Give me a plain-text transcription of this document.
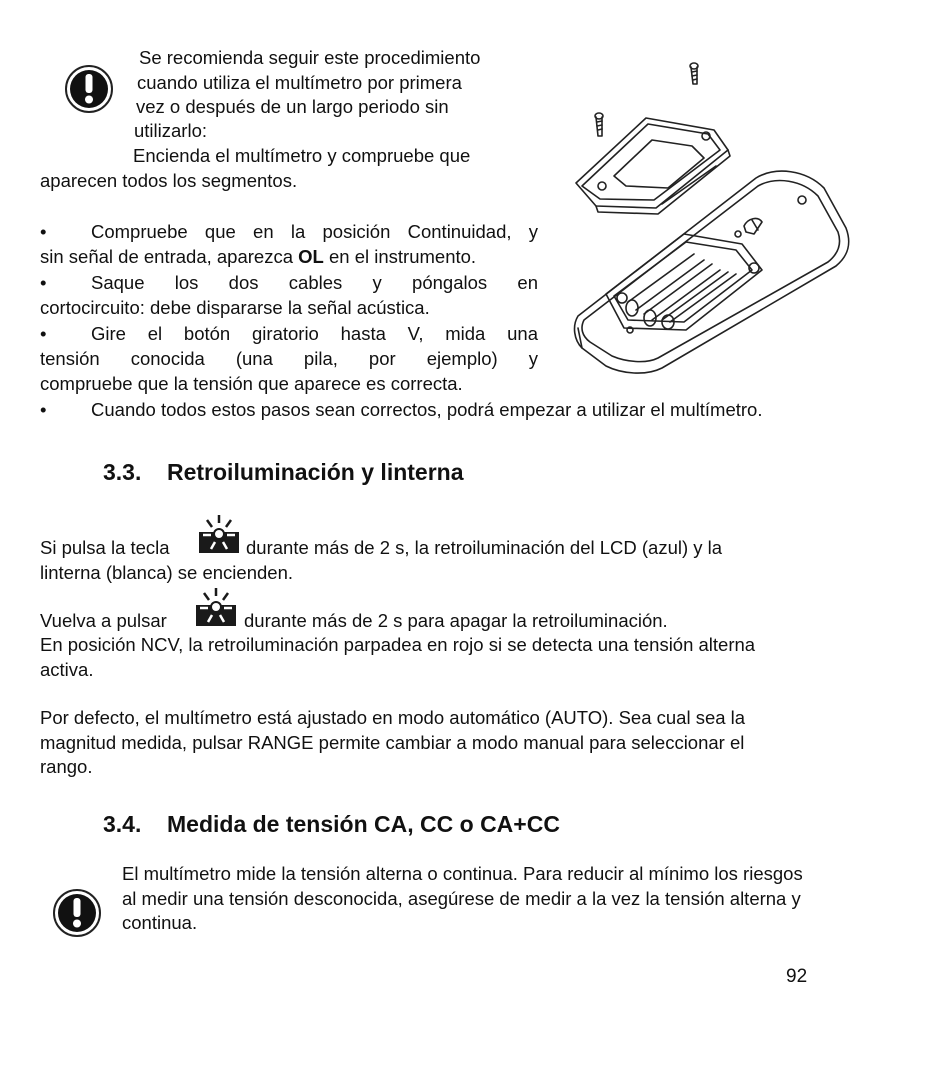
Se recomienda seguir este procedimiento
cuando utiliza el multímetro por primera
vez o después de un largo periodo sin
utilizarlo:
Encienda el multímetro y compruebe que
aparecen todos los segmentos.
• Compruebe que en la posición Continuidad, y
sin señal de entrada, aparezca OL en el instrumento.
• Saque los dos cables y póngalos en
cortocircuito: debe dispararse la señal acústica.
• Gire el botón giratorio hasta V, mida una
tensión conocida (una pila, por ejemplo) y
compruebe que la tensión que aparece es correcta.
• Cuando todos estos pasos sean correctos, podrá empezar a utilizar el multímetro.
3.3. Retroiluminación y linterna
Si pulsa la tecla	durante más de 2 s, la retroiluminación del LCD (azul) y la
linterna (blanca) se encienden.
Vuelva a pulsar	durante más de 2 s para apagar la retroiluminación.
En posición NCV, la retroiluminación parpadea en rojo si se detecta una tensión alterna
activa.
Por defecto, el multímetro está ajustado en modo automático (AUTO). Sea cual sea la
magnitud medida, pulsar RANGE permite cambiar a modo manual para seleccionar el
rango.
3.4. Medida de tensión CA, CC o CA+CC
El multímetro mide la tensión alterna o continua. Para reducir al mínimo los riesgos
al medir una tensión desconocida, asegúrese de medir a la vez la tensión alterna y
continua.
92
